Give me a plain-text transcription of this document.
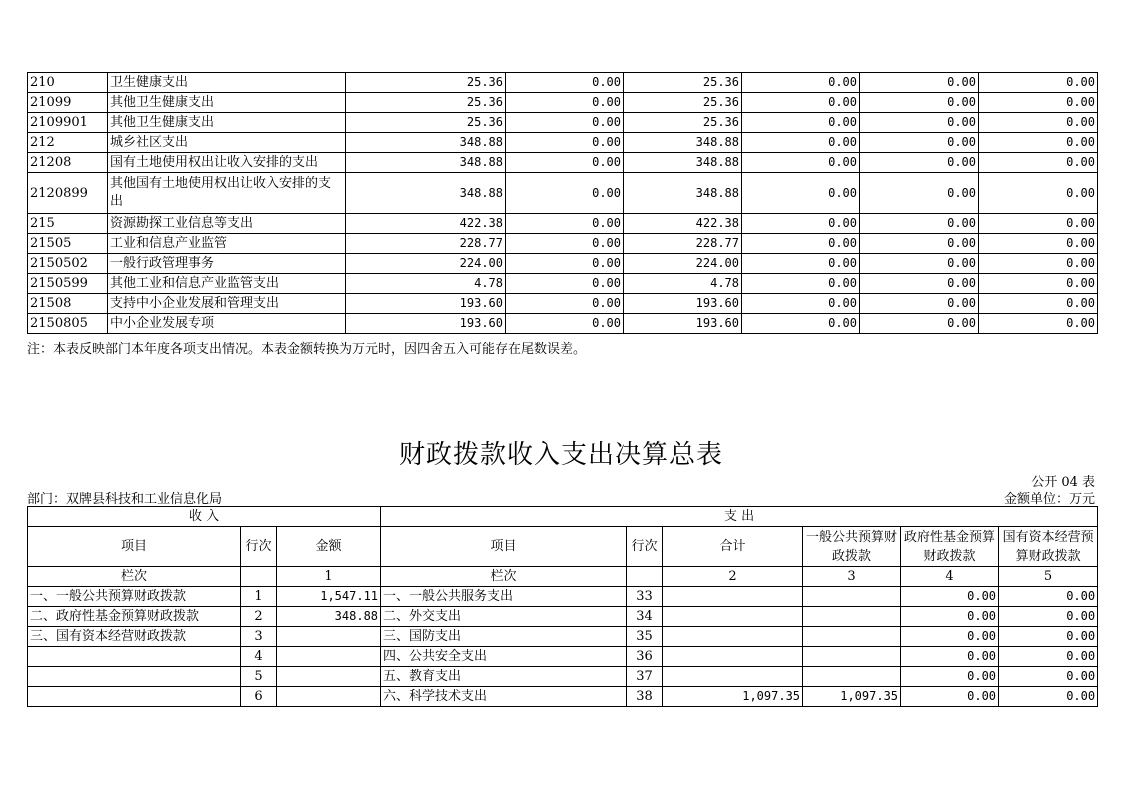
210	卫生健康支出	25.36	0.00	25.36	0.00	0.00	0.00
21099	其他卫生健康支出	25.36	0.00	25.36	0.00	0.00	0.00
2109901	其他卫生健康支出	25.36	0.00	25.36	0.00	0.00	0.00
212	城乡社区支出	348.88	0.00	348.88	0.00	0.00	0.00
21208	国有土地使用权出让收入安排的支出	348.88	0.00	348.88	0.00	0.00	0.00
2120899	其他国有土地使用权出让收入安排的支出	348.88	0.00	348.88	0.00	0.00	0.00
215	资源勘探工业信息等支出	422.38	0.00	422.38	0.00	0.00	0.00
21505	工业和信息产业监管	228.77	0.00	228.77	0.00	0.00	0.00
2150502	一般行政管理事务	224.00	0.00	224.00	0.00	0.00	0.00
2150599	其他工业和信息产业监管支出	4.78	0.00	4.78	0.00	0.00	0.00
21508	支持中小企业发展和管理支出	193.60	0.00	193.60	0.00	0.00	0.00
2150805	中小企业发展专项	193.60	0.00	193.60	0.00	0.00	0.00
注：本表反映部门本年度各项支出情况。本表金额转换为万元时，因四舍五入可能存在尾数误差。
财政拨款收入支出决算总表
公开 04 表
部门：双牌县科技和工业信息化局	金额单位：万元
收 入			支 出					
项目	行次	金额	项目	行次	合计	一般公共预算财政拨款	政府性基金预算财政拨款	国有资本经营预算财政拨款
栏次		1	栏次		2	3	4	5
一、一般公共预算财政拨款	1	1,547.11	一、一般公共服务支出	33			0.00	0.00
二、政府性基金预算财政拨款	2	348.88	二、外交支出	34			0.00	0.00
三、国有资本经营财政拨款	3		三、国防支出	35			0.00	0.00
	4		四、公共安全支出	36			0.00	0.00
	5		五、教育支出	37			0.00	0.00
	6		六、科学技术支出	38	1,097.35	1,097.35	0.00	0.00
